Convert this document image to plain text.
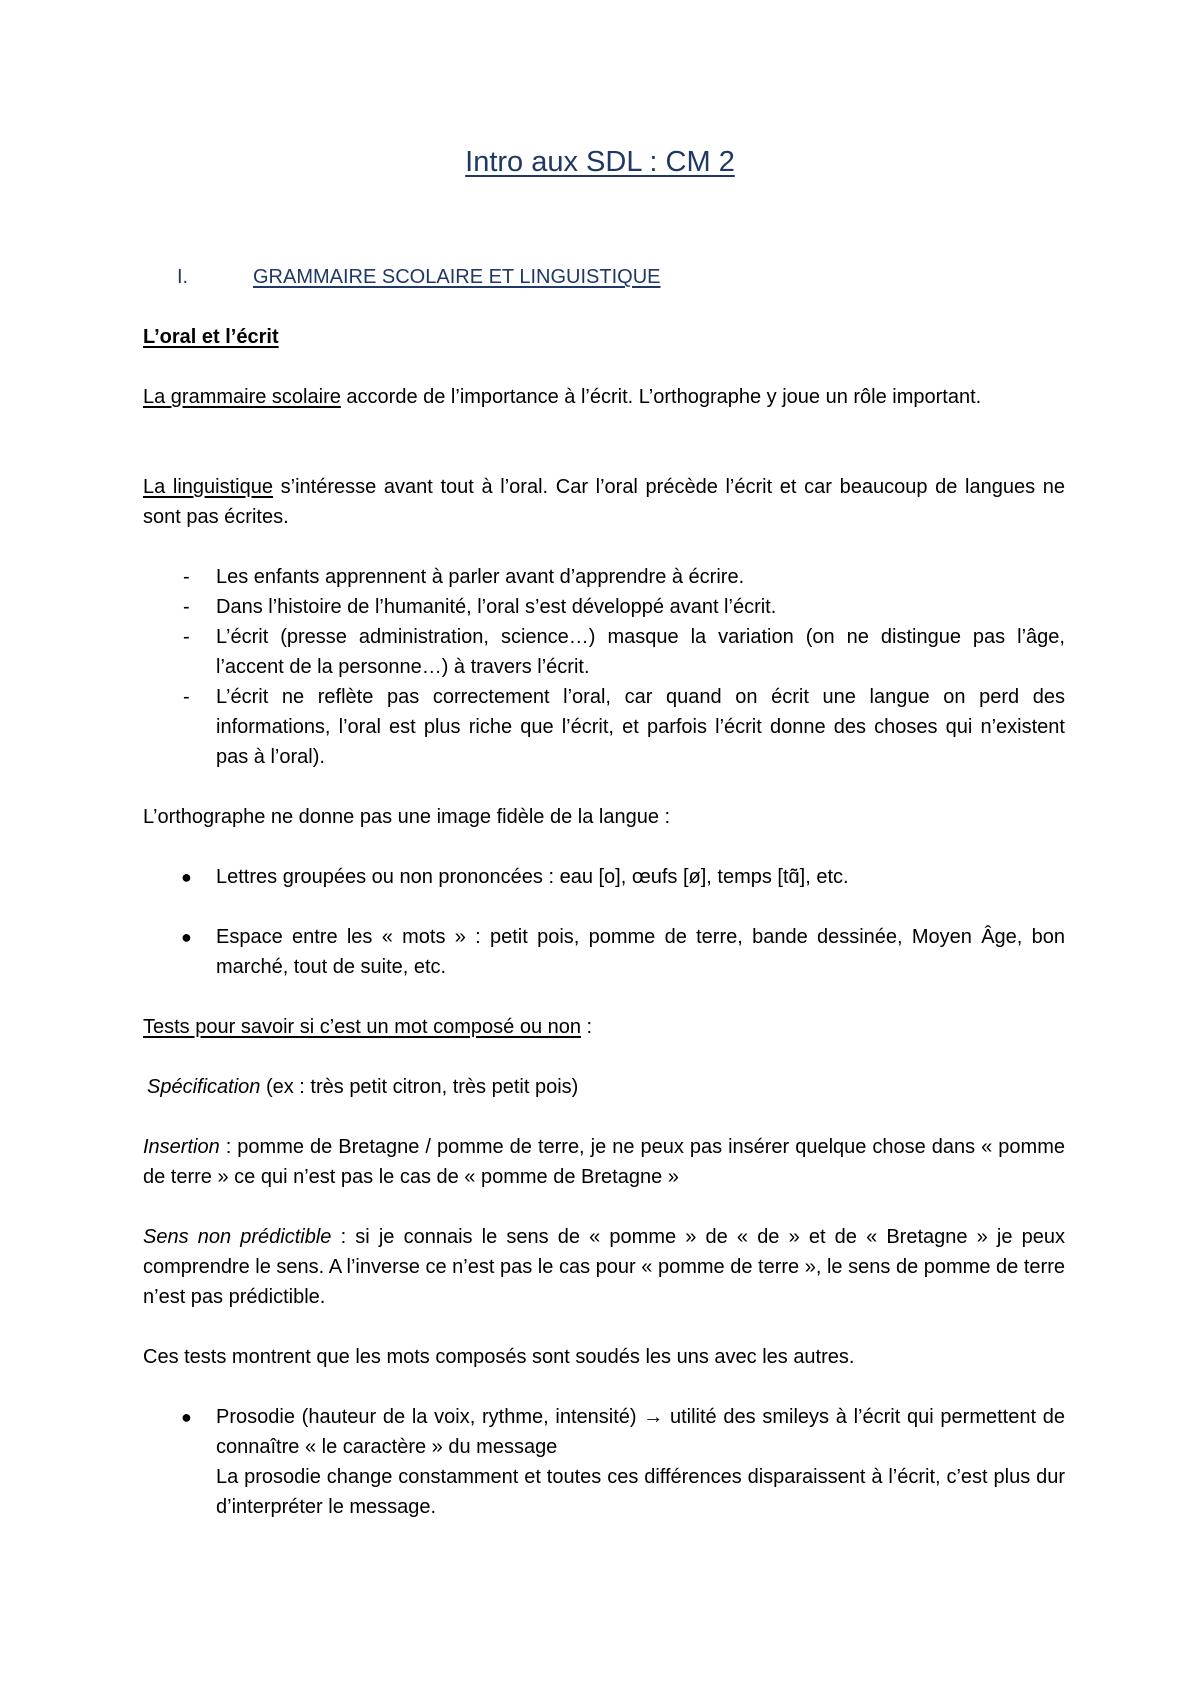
Intro aux SDL : CM 2
I.	GRAMMAIRE SCOLAIRE ET LINGUISTIQUE
L’oral et l’écrit
La grammaire scolaire accorde de l’importance à l’écrit. L’orthographe y joue un rôle important.
La linguistique s’intéresse avant tout à l’oral. Car l’oral précède l’écrit et car beaucoup de langues ne sont pas écrites.
- Les enfants apprennent à parler avant d’apprendre à écrire.
- Dans l’histoire de l’humanité, l’oral s’est développé avant l’écrit.
- L’écrit (presse administration, science…) masque la variation (on ne distingue pas l’âge, l’accent de la personne…) à travers l’écrit.
- L’écrit ne reflète pas correctement l’oral, car quand on écrit une langue on perd des informations, l’oral est plus riche que l’écrit, et parfois l’écrit donne des choses qui n’existent pas à l’oral).
L’orthographe ne donne pas une image fidèle de la langue :
● Lettres groupées ou non prononcées : eau [o], œufs [ø], temps [tɑ̃], etc.
● Espace entre les « mots » : petit pois, pomme de terre, bande dessinée, Moyen Âge, bon marché, tout de suite, etc.
Tests pour savoir si c’est un mot composé ou non :
Spécification (ex : très petit citron, très petit pois)
Insertion : pomme de Bretagne / pomme de terre, je ne peux pas insérer quelque chose dans « pomme de terre » ce qui n’est pas le cas de « pomme de Bretagne »
Sens non prédictible : si je connais le sens de « pomme » de « de » et de « Bretagne » je peux comprendre le sens. A l’inverse ce n’est pas le cas pour « pomme de terre », le sens de pomme de terre n’est pas prédictible.
Ces tests montrent que les mots composés sont soudés les uns avec les autres.
● Prosodie (hauteur de la voix, rythme, intensité) → utilité des smileys à l’écrit qui permettent de connaître « le caractère » du message
La prosodie change constamment et toutes ces différences disparaissent à l’écrit, c’est plus dur d’interpréter le message.
